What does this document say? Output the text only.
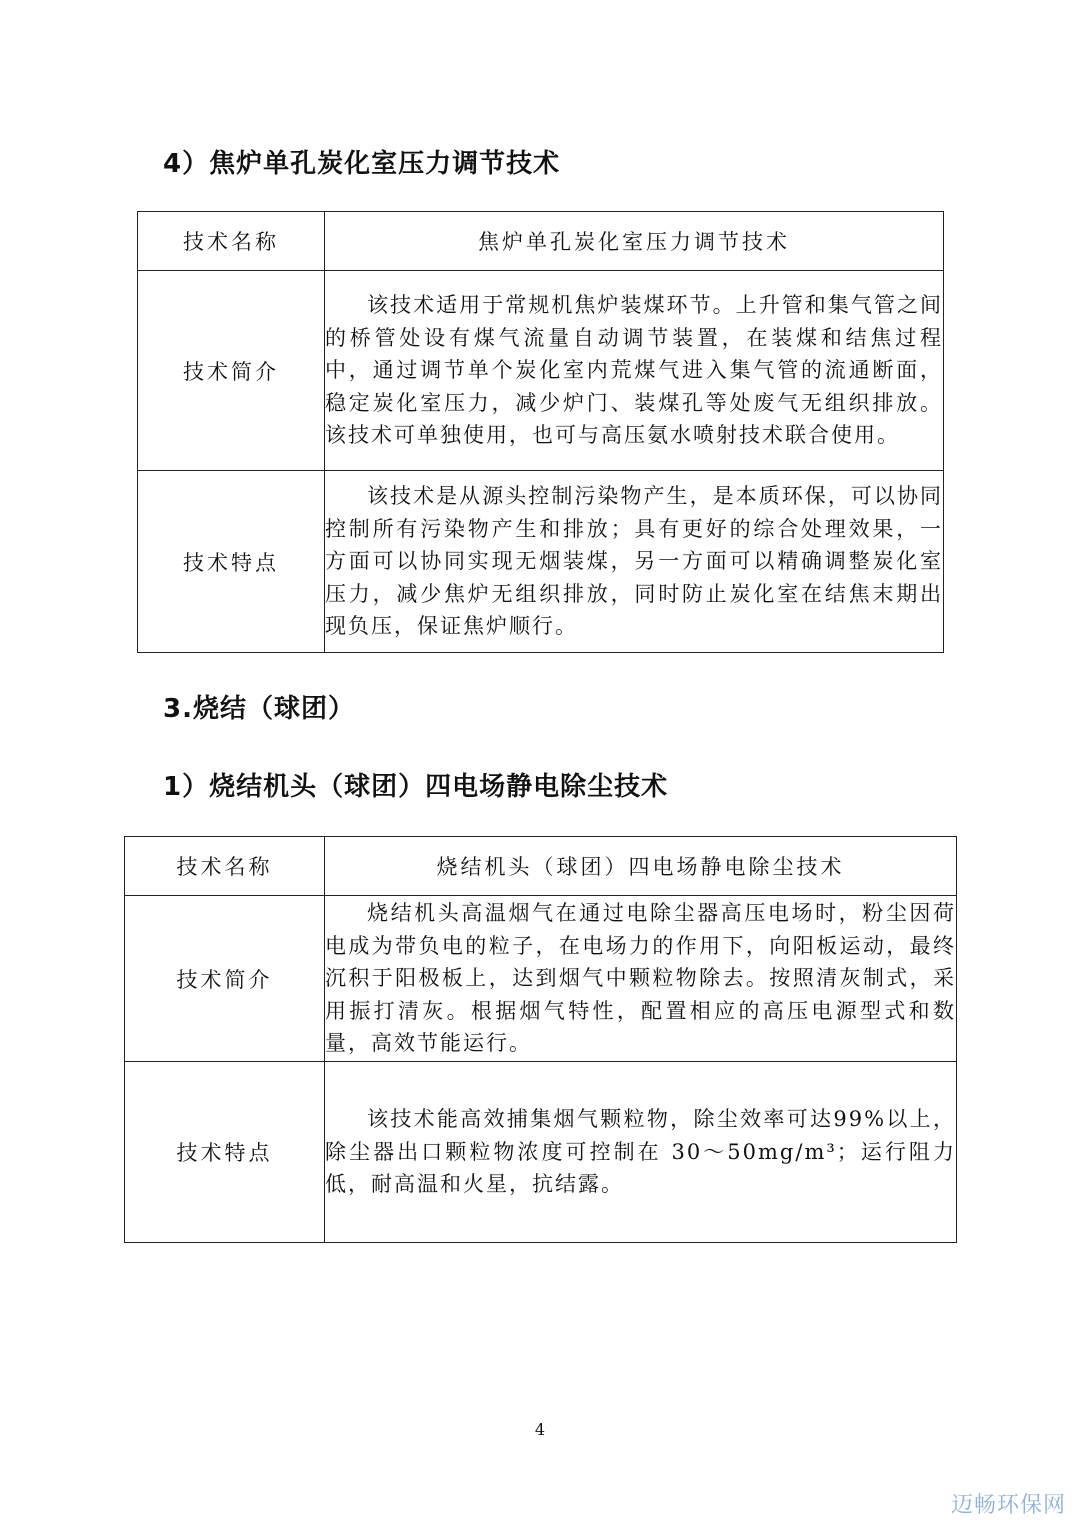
4）焦炉单孔炭化室压力调节技术
技术名称	焦炉单孔炭化室压力调节技术
技术简介	该技术适用于常规机焦炉装煤环节。上升管和集气管之间的桥管处设有煤气流量自动调节装置，在装煤和结焦过程中，通过调节单个炭化室内荒煤气进入集气管的流通断面，稳定炭化室压力，减少炉门、装煤孔等处废气无组织排放。该技术可单独使用，也可与高压氨水喷射技术联合使用。

技术特点	该技术是从源头控制污染物产生，是本质环保，可以协同控制所有污染物产生和排放；具有更好的综合处理效果，一方面可以协同实现无烟装煤，另一方面可以精确调整炭化室压力，减少焦炉无组织排放，同时防止炭化室在结焦末期出现负压，保证焦炉顺行。
3.烧结（球团）
1）烧结机头（球团）四电场静电除尘技术
技术名称	烧结机头（球团）四电场静电除尘技术
技术简介	烧结机头高温烟气在通过电除尘器高压电场时，粉尘因荷电成为带负电的粒子，在电场力的作用下，向阳板运动，最终沉积于阳极板上，达到烟气中颗粒物除去。按照清灰制式，采用振打清灰。根据烟气特性，配置相应的高压电源型式和数量，高效节能运行。

技术特点	该技术能高效捕集烟气颗粒物，除尘效率可达99%以上，除尘器出口颗粒物浓度可控制在 30～50mg/m³；运行阻力低，耐高温和火星，抗结露。
4
迈畅环保网
